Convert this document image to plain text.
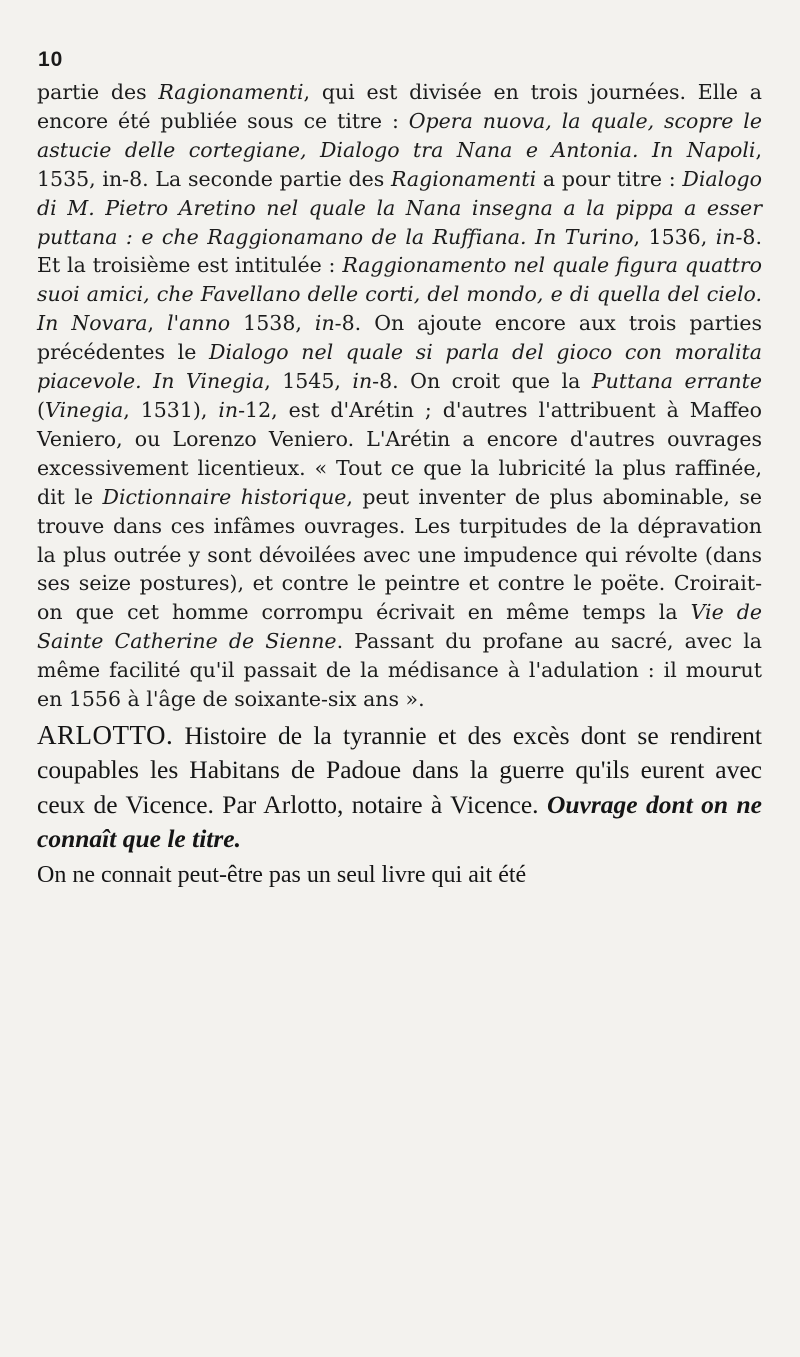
10

partie des Ragionamenti, qui est divisée en trois journées. Elle a encore été publiée sous ce titre : Opera nuova, la quale, scopre le astucie delle cortegiane, Dialogo tra Nana e Antonia. In Napoli, 1535, in-8. La seconde partie des Ragionamenti a pour titre : Dialogo di M. Pietro Aretino nel quale la Nana insegna a la pippa a esser puttana : e che Raggionamano de la Ruffiana. In Turino, 1536, in-8. Et la troisième est intitulée : Raggionamento nel quale figura quattro suoi amici, che Favellano delle corti, del mondo, e di quella del cielo. In Novara, l'anno 1538, in-8. On ajoute encore aux trois parties précédentes le Dialogo nel quale si parla del gioco con moralita piacevole. In Vinegia, 1545, in-8. On croit que la Puttana errante (Vinegia, 1531), in-12, est d'Arétin ; d'autres l'attribuent à Maffeo Veniero, ou Lorenzo Veniero. L'Arétin a encore d'autres ouvrages excessivement licentieux. « Tout ce que la lubricité la plus raffinée, dit le Dictionnaire historique, peut inventer de plus abominable, se trouve dans ces infâmes ouvrages. Les turpitudes de la dépravation la plus outrée y sont dévoilées avec une impudence qui révolte (dans ses seize postures), et contre le peintre et contre le poëte. Croirait-on que cet homme corrompu écrivait en même temps la Vie de Sainte Catherine de Sienne. Passant du profane au sacré, avec la même facilité qu'il passait de la médisance à l'adulation : il mourut en 1556 à l'âge de soixante-six ans ».

ARLOTTO. Histoire de la tyrannie et des excès dont se rendirent coupables les Habitans de Padoue dans la guerre qu'ils eurent avec ceux de Vicence. Par Arlotto, notaire à Vicence. Ouvrage dont on ne connaît que le titre.

On ne connait peut-être pas un seul livre qui ait été
